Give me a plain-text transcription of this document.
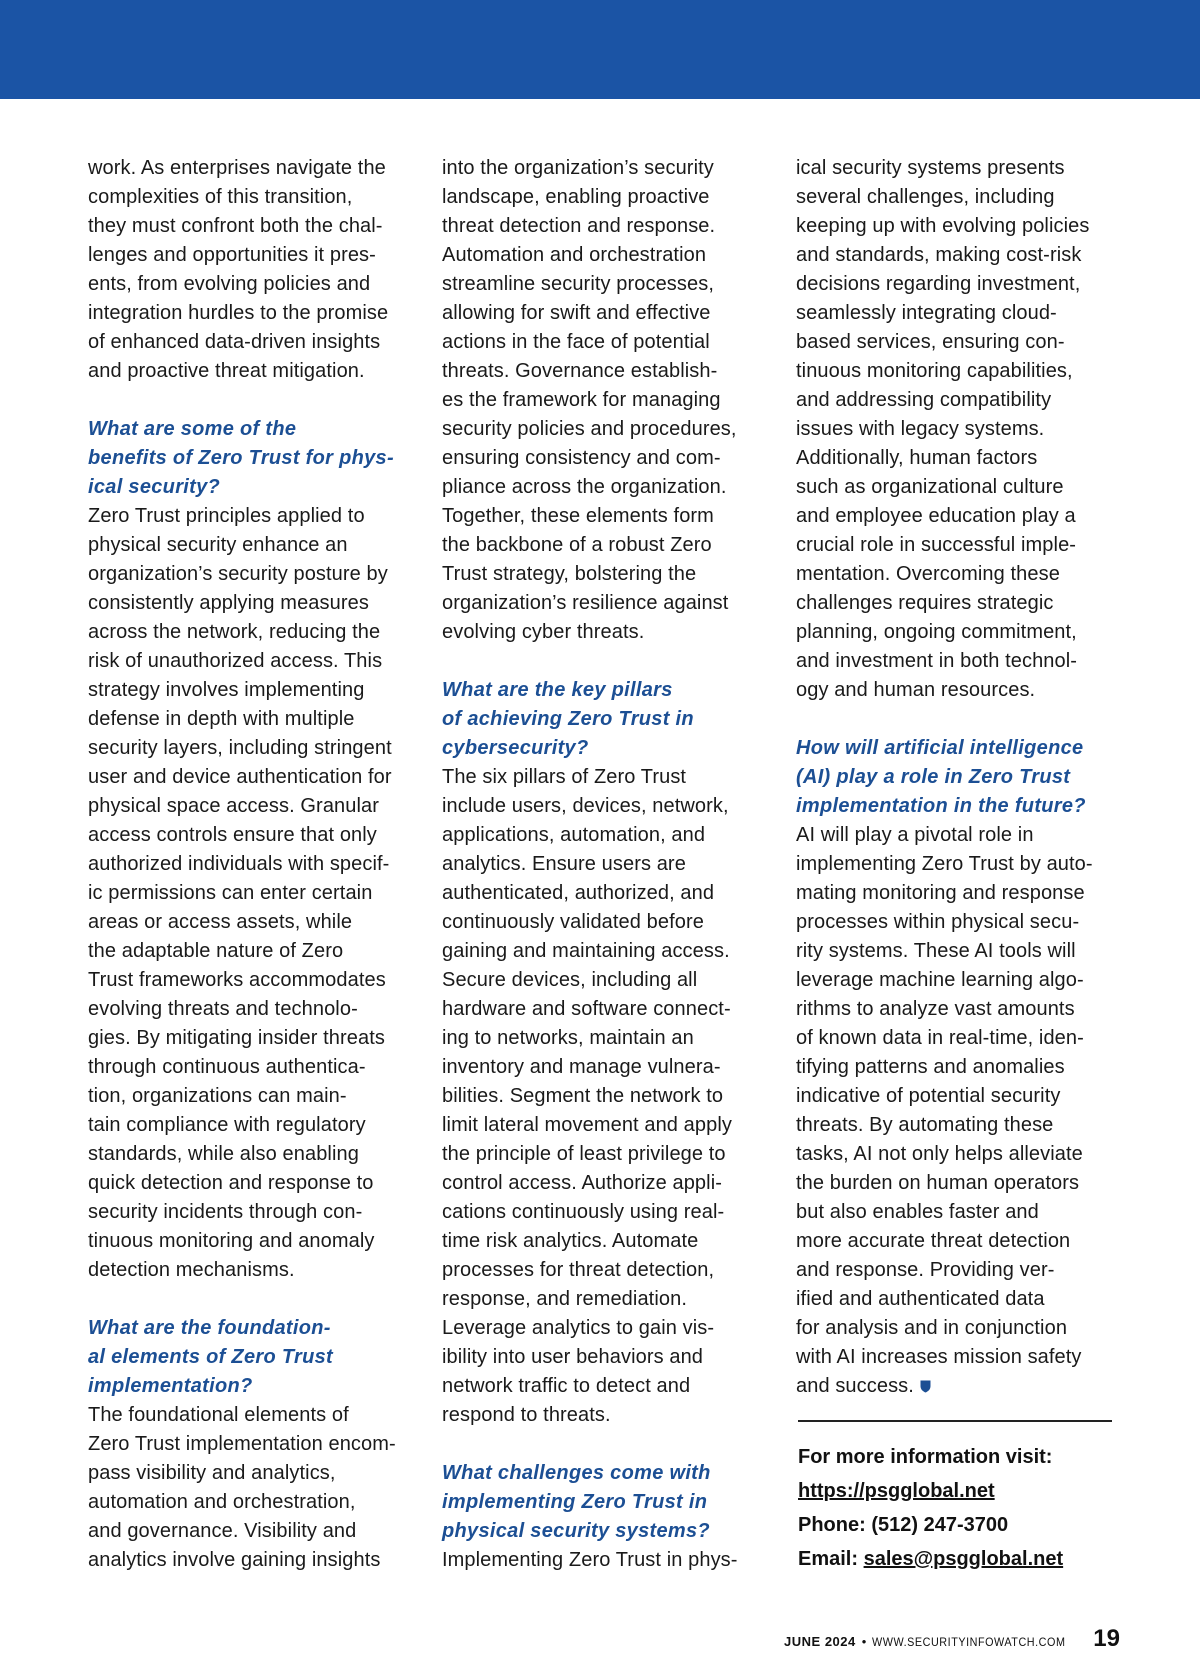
work. As enterprises navigate the
complexities of this transition,
they must confront both the chal-
lenges and opportunities it pres-
ents, from evolving policies and
integration hurdles to the promise
of enhanced data-driven insights
and proactive threat mitigation.

What are some of the
benefits of Zero Trust for phys-
ical security?

Zero Trust principles applied to
physical security enhance an
organization’s security posture by
consistently applying measures
across the network, reducing the
risk of unauthorized access. This
strategy involves implementing
defense in depth with multiple
security layers, including stringent
user and device authentication for
physical space access. Granular
access controls ensure that only
authorized individuals with specif-
ic permissions can enter certain
areas or access assets, while
the adaptable nature of Zero
Trust frameworks accommodates
evolving threats and technolo-
gies. By mitigating insider threats
through continuous authentica-
tion, organizations can main-
tain compliance with regulatory
standards, while also enabling
quick detection and response to
security incidents through con-
tinuous monitoring and anomaly
detection mechanisms.

What are the foundation-
al elements of Zero Trust
implementation?

The foundational elements of
Zero Trust implementation encom-
pass visibility and analytics,
automation and orchestration,
and governance. Visibility and
analytics involve gaining insights

into the organization’s security
landscape, enabling proactive
threat detection and response.
Automation and orchestration
streamline security processes,
allowing for swift and effective
actions in the face of potential
threats. Governance establish-
es the framework for managing
security policies and procedures,
ensuring consistency and com-
pliance across the organization.
Together, these elements form
the backbone of a robust Zero
Trust strategy, bolstering the
organization’s resilience against
evolving cyber threats.

What are the key pillars
of achieving Zero Trust in
cybersecurity?

The six pillars of Zero Trust
include users, devices, network,
applications, automation, and
analytics. Ensure users are
authenticated, authorized, and
continuously validated before
gaining and maintaining access.
Secure devices, including all
hardware and software connect-
ing to networks, maintain an
inventory and manage vulnera-
bilities. Segment the network to
limit lateral movement and apply
the principle of least privilege to
control access. Authorize appli-
cations continuously using real-
time risk analytics. Automate
processes for threat detection,
response, and remediation.
Leverage analytics to gain vis-
ibility into user behaviors and
network traffic to detect and
respond to threats.

What challenges come with
implementing Zero Trust in
physical security systems?

Implementing Zero Trust in phys-

ical security systems presents
several challenges, including
keeping up with evolving policies
and standards, making cost-risk
decisions regarding investment,
seamlessly integrating cloud-
based services, ensuring con-
tinuous monitoring capabilities,
and addressing compatibility
issues with legacy systems.
Additionally, human factors
such as organizational culture
and employee education play a
crucial role in successful imple-
mentation. Overcoming these
challenges requires strategic
planning, ongoing commitment,
and investment in both technol-
ogy and human resources.

How will artificial intelligence
(AI) play a role in Zero Trust
implementation in the future?

AI will play a pivotal role in
implementing Zero Trust by auto-
mating monitoring and response
processes within physical secu-
rity systems. These AI tools will
leverage machine learning algo-
rithms to analyze vast amounts
of known data in real-time, iden-
tifying patterns and anomalies
indicative of potential security
threats. By automating these
tasks, AI not only helps alleviate
the burden on human operators
but also enables faster and
more accurate threat detection
and response. Providing ver-
ified and authenticated data
for analysis and in conjunction
with AI increases mission safety
and success.

For more information visit:
https://psgglobal.net
Phone: (512) 247-3700
Email: sales@psgglobal.net
JUNE 2024 • WWW.SECURITYINFOWATCH.COM 19
